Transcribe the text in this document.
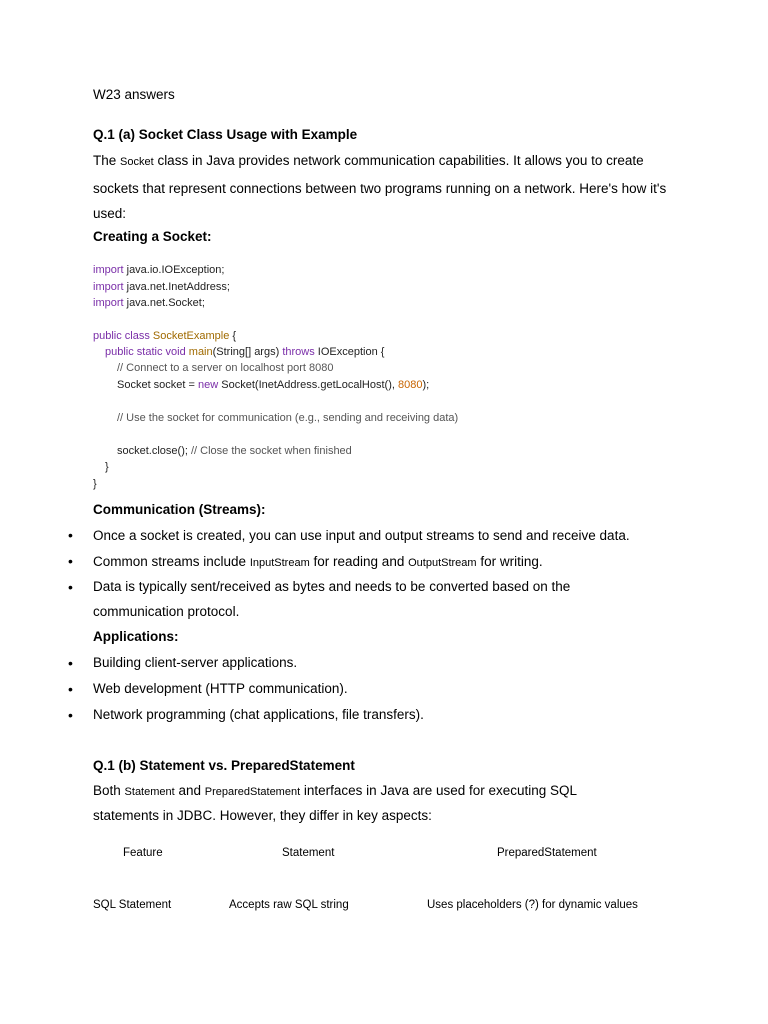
W23 answers
Q.1 (a) Socket Class Usage with Example
The Socket class in Java provides network communication capabilities. It allows you to create sockets that represent connections between two programs running on a network. Here's how it's used:
Creating a Socket:
import java.io.IOException;
import java.net.InetAddress;
import java.net.Socket;
public class SocketExample {
public static void main(String[] args) throws IOException {
// Connect to a server on localhost port 8080
Socket socket = new Socket(InetAddress.getLocalHost(), 8080);
// Use the socket for communication (e.g., sending and receiving data)
socket.close(); // Close the socket when finished
}
}
Communication (Streams):
• Once a socket is created, you can use input and output streams to send and receive data.
• Common streams include InputStream for reading and OutputStream for writing.
• Data is typically sent/received as bytes and needs to be converted based on the
communication protocol.
Applications:
• Building client-server applications.
• Web development (HTTP communication).
• Network programming (chat applications, file transfers).
Q.1 (b) Statement vs. PreparedStatement
Both Statement and PreparedStatement interfaces in Java are used for executing SQL
statements in JDBC. However, they differ in key aspects:
Feature	Statement	PreparedStatement
SQL Statement	Accepts raw SQL string	Uses placeholders (?) for dynamic values
